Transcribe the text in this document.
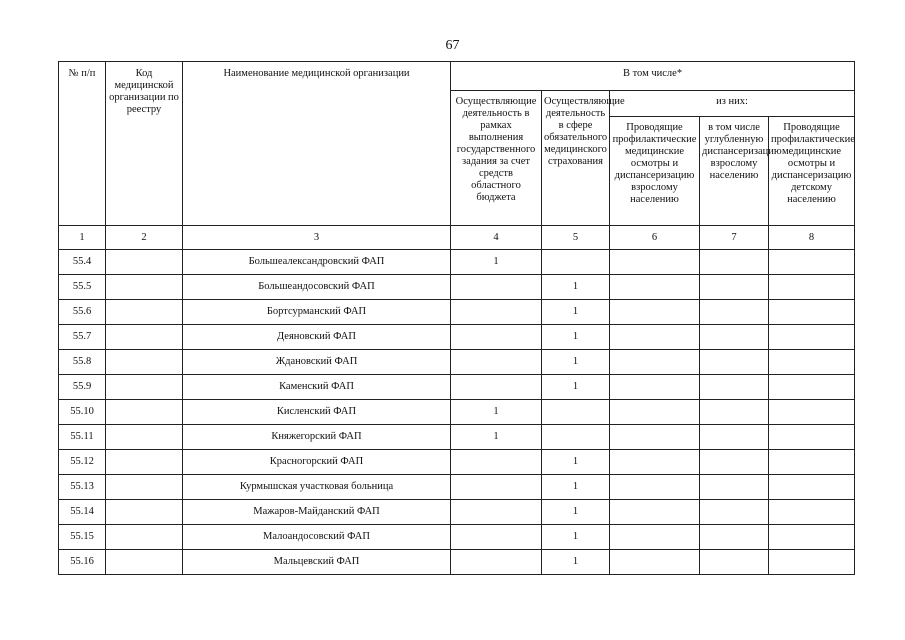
67
№ п/п	Код медицинской организации по реестру	Наименование медицинской организации	В том числе*				
			Осуществляющие деятельность в рамках выполнения государственного задания за счет средств областного бюджета	Осуществляющие деятельность в сфере обязательного медицинского страхования	из них:		
					Проводящие профилактические медицинские осмотры и диспансеризацию взрослому населению	в том числе углубленную диспансеризацию взрослому населению	Проводящие профилактические медицинские осмотры и диспансеризацию детскому населению
1	2	3	4	5	6	7	8
55.4		Большеалександровский ФАП	1				
55.5		Большеандосовский ФАП		1			
55.6		Бортсурманский ФАП		1			
55.7		Деяновский ФАП		1			
55.8		Ждановский ФАП		1			
55.9		Каменский ФАП		1			
55.10		Кисленский ФАП	1				
55.11		Княжегорский ФАП	1				
55.12		Красногорский ФАП		1			
55.13		Курмышская участковая больница		1			
55.14		Мажаров-Майданский ФАП		1			
55.15		Малоандосовский ФАП		1			
55.16		Мальцевский ФАП		1			
